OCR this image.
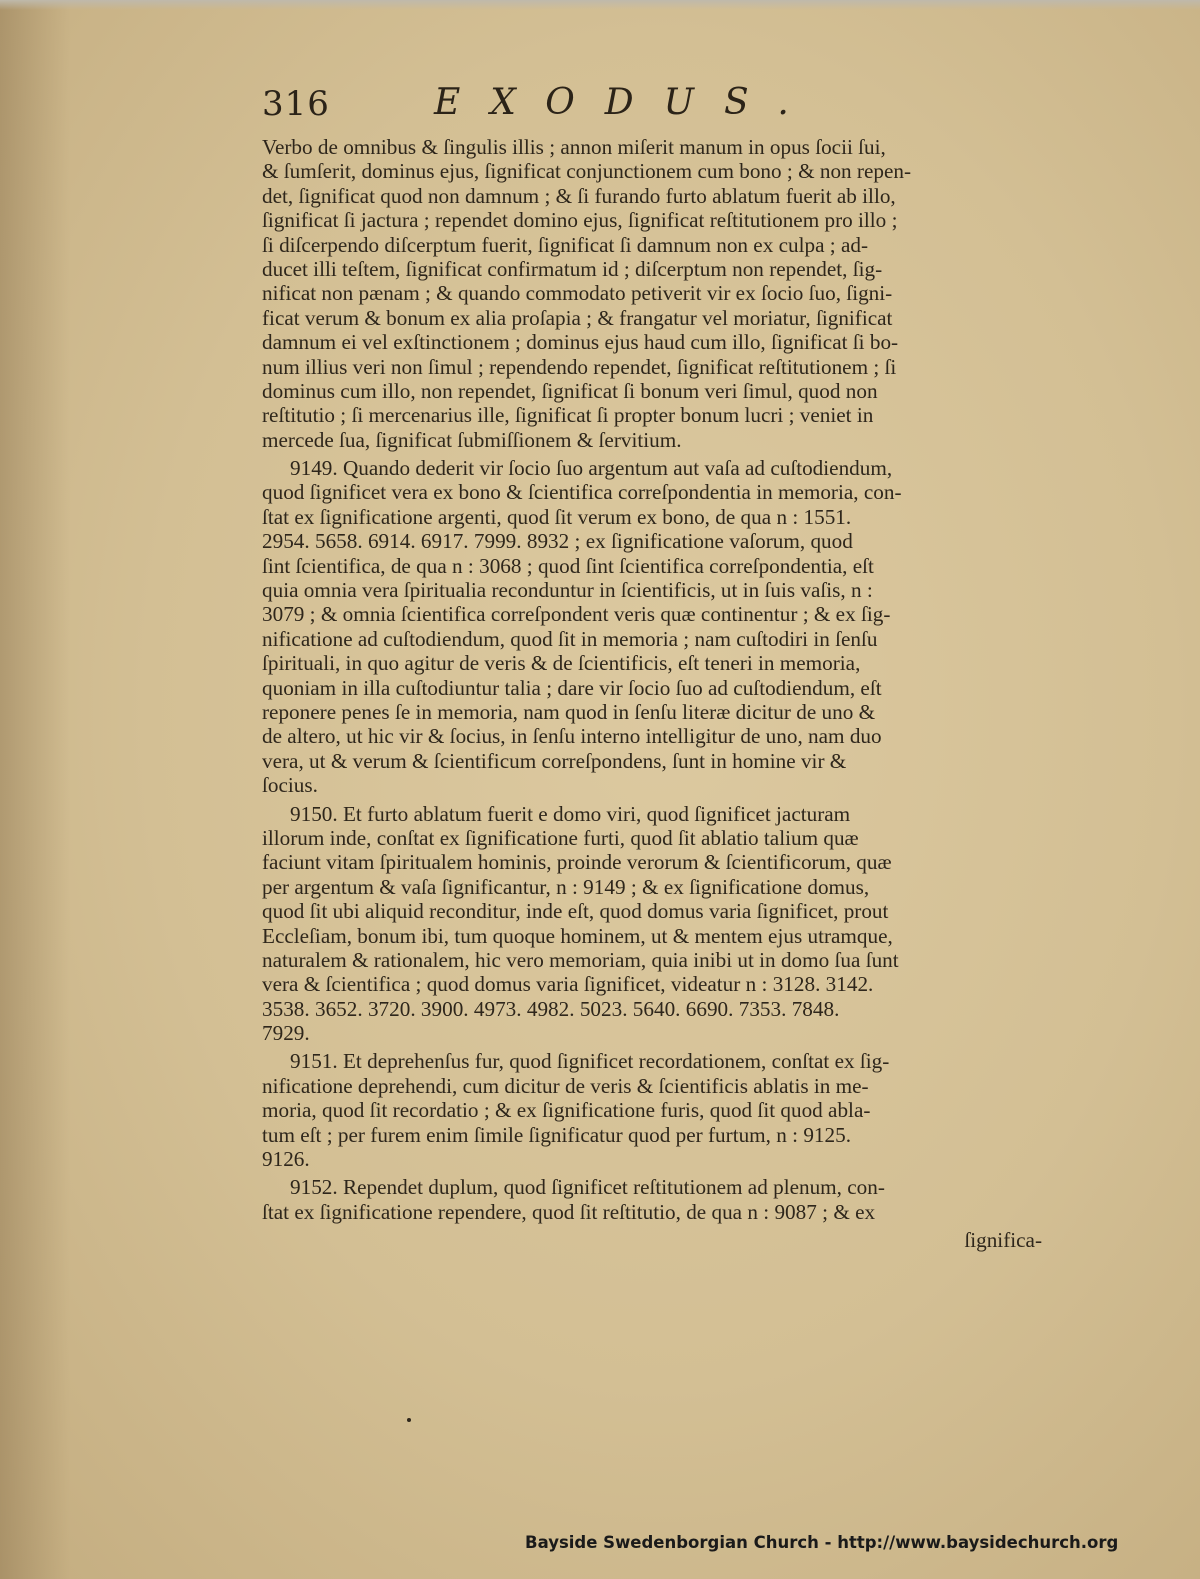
316	EXODUS.
Verbo de omnibus & ſingulis illis ; annon miſerit manum in opus ſocii ſui,
& ſumſerit, dominus ejus, ſignificat conjunctionem cum bono ; & non repen-
det, ſignificat quod non damnum ; & ſi furando furto ablatum fuerit ab illo,
ſignificat ſi jactura ; rependet domino ejus, ſignificat reſtitutionem pro illo ;
ſi diſcerpendo diſcerptum fuerit, ſignificat ſi damnum non ex culpa ; ad-
ducet illi teſtem, ſignificat confirmatum id ; diſcerptum non rependet, ſig-
nificat non pænam ; & quando commodato petiverit vir ex ſocio ſuo, ſigni-
ficat verum & bonum ex alia proſapia ; & frangatur vel moriatur, ſignificat
damnum ei vel exſtinctionem ; dominus ejus haud cum illo, ſignificat ſi bo-
num illius veri non ſimul ; rependendo rependet, ſignificat reſtitutionem ; ſi
dominus cum illo, non rependet, ſignificat ſi bonum veri ſimul, quod non
reſtitutio ; ſi mercenarius ille, ſignificat ſi propter bonum lucri ; veniet in
mercede ſua, ſignificat ſubmiſſionem & ſervitium.
9149. Quando dederit vir ſocio ſuo argentum aut vaſa ad cuſtodiendum,
quod ſignificet vera ex bono & ſcientifica correſpondentia in memoria, con-
ſtat ex ſignificatione argenti, quod ſit verum ex bono, de qua n : 1551.
2954. 5658. 6914. 6917. 7999. 8932 ; ex ſignificatione vaſorum, quod
ſint ſcientifica, de qua n : 3068 ; quod ſint ſcientifica correſpondentia, eſt
quia omnia vera ſpiritualia reconduntur in ſcientificis, ut in ſuis vaſis, n :
3079 ; & omnia ſcientifica correſpondent veris quæ continentur ; & ex ſig-
nificatione ad cuſtodiendum, quod ſit in memoria ; nam cuſtodiri in ſenſu
ſpirituali, in quo agitur de veris & de ſcientificis, eſt teneri in memoria,
quoniam in illa cuſtodiuntur talia ; dare vir ſocio ſuo ad cuſtodiendum, eſt
reponere penes ſe in memoria, nam quod in ſenſu literæ dicitur de uno &
de altero, ut hic vir & ſocius, in ſenſu interno intelligitur de uno, nam duo
vera, ut & verum & ſcientificum correſpondens, ſunt in homine vir &
ſocius.
9150. Et furto ablatum fuerit e domo viri, quod ſignificet jacturam
illorum inde, conſtat ex ſignificatione furti, quod ſit ablatio talium quæ
faciunt vitam ſpiritualem hominis, proinde verorum & ſcientificorum, quæ
per argentum & vaſa ſignificantur, n : 9149 ; & ex ſignificatione domus,
quod ſit ubi aliquid reconditur, inde eſt, quod domus varia ſignificet, prout
Eccleſiam, bonum ibi, tum quoque hominem, ut & mentem ejus utramque,
naturalem & rationalem, hic vero memoriam, quia inibi ut in domo ſua ſunt
vera & ſcientifica ; quod domus varia ſignificet, videatur n : 3128. 3142.
3538. 3652. 3720. 3900. 4973. 4982. 5023. 5640. 6690. 7353. 7848.
7929.
9151. Et deprehenſus fur, quod ſignificet recordationem, conſtat ex ſig-
nificatione deprehendi, cum dicitur de veris & ſcientificis ablatis in me-
moria, quod ſit recordatio ; & ex ſignificatione furis, quod ſit quod abla-
tum eſt ; per furem enim ſimile ſignificatur quod per furtum, n : 9125.
9126.
9152. Rependet duplum, quod ſignificet reſtitutionem ad plenum, con-
ſtat ex ſignificatione rependere, quod ſit reſtitutio, de qua n : 9087 ; & ex
ſignifica-
Bayside Swedenborgian Church - http://www.baysidechurch.org
